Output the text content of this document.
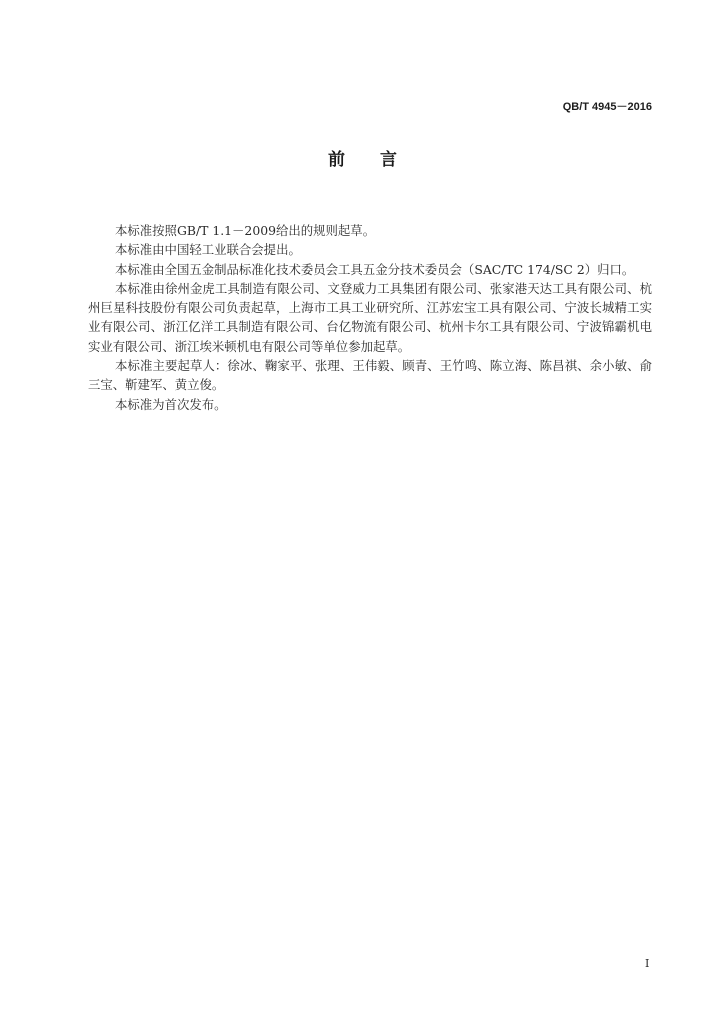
QB/T 4945－2016
前 言
本标准按照GB/T 1.1－2009给出的规则起草。
本标准由中国轻工业联合会提出。
本标准由全国五金制品标准化技术委员会工具五金分技术委员会（SAC/TC 174/SC 2）归口。
本标准由徐州金虎工具制造有限公司、文登威力工具集团有限公司、张家港天达工具有限公司、杭
州巨星科技股份有限公司负责起草，上海市工具工业研究所、江苏宏宝工具有限公司、宁波长城精工实
业有限公司、浙江亿洋工具制造有限公司、台亿物流有限公司、杭州卡尔工具有限公司、宁波锦霸机电
实业有限公司、浙江埃米顿机电有限公司等单位参加起草。
本标准主要起草人：徐冰、鞠家平、张理、王伟毅、顾青、王竹鸣、陈立海、陈昌祺、余小敏、俞
三宝、靳建军、黄立俊。
本标准为首次发布。
I
